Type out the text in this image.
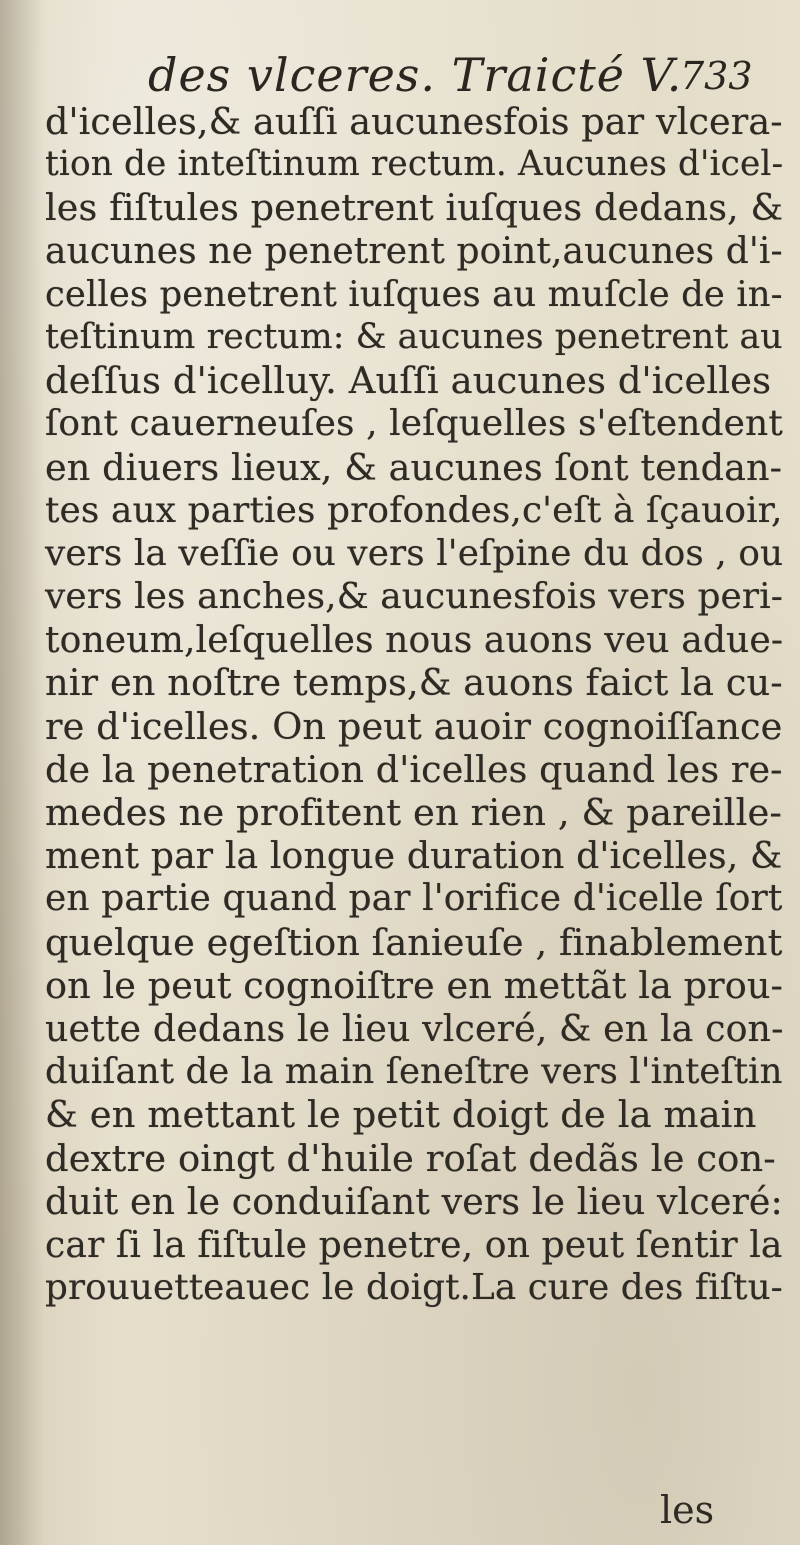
des vlceres. Traicté V.
733
d'icelles,& auſſi aucunesfois par vlcera-
tion de inteſtinum rectum. Aucunes d'icel-
les fiſtules penetrent iuſques dedans, &
aucunes ne penetrent point,aucunes d'i-
celles penetrent iuſques au muſcle de in-
teſtinum rectum: & aucunes penetrent au
deſſus d'icelluy. Auſſi aucunes d'icelles
ſont cauerneuſes , leſquelles s'eſtendent
en diuers lieux, & aucunes ſont tendan-
tes aux parties profondes,c'eſt à ſçauoir,
vers la veſſie ou vers l'eſpine du dos , ou
vers les anches,& aucunesfois vers peri-
toneum,leſquelles nous auons veu adue-
nir en noſtre temps,& auons faict la cu-
re d'icelles. On peut auoir cognoiſſance
de la penetration d'icelles quand les re-
medes ne profitent en rien , & pareille-
ment par la longue duration d'icelles, &
en partie quand par l'orifice d'icelle ſort
quelque egeſtion ſanieuſe , finablement
on le peut cognoiſtre en mettãt la prou-
uette dedans le lieu vlceré, & en la con-
duiſant de la main ſeneſtre vers l'inteſtin
& en mettant le petit doigt de la main
dextre oingt d'huile roſat dedãs le con-
duit en le conduiſant vers le lieu vlceré:
car ſi la fiſtule penetre, on peut ſentir la
prouuetteauec le doigt.La cure des fiſtu-
les
